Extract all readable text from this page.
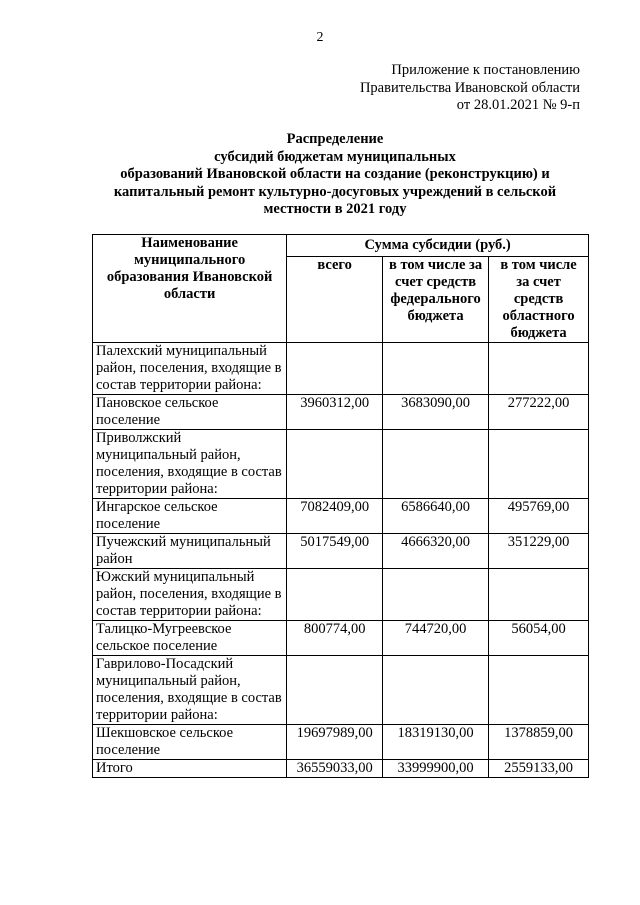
2
Приложение к постановлению
Правительства Ивановской области
от 28.01.2021 № 9-п
Распределение
субсидий бюджетам муниципальных
образований Ивановской области на создание (реконструкцию) и
капитальный ремонт культурно-досуговых учреждений в сельской
местности в 2021 году
Наименование муниципального образования Ивановской области	Сумма субсидии (руб.)		
	всего	в том числе за счет средств федерального бюджета	в том числе за счет средств областного бюджета
Палехский муниципальный район, поселения, входящие в состав территории района:			
Пановское сельское поселение	3960312,00	3683090,00	277222,00
Приволжский муниципальный район, поселения, входящие в состав территории района:			
Ингарское сельское поселение	7082409,00	6586640,00	495769,00
Пучежский муниципальный район	5017549,00	4666320,00	351229,00
Южский муниципальный район, поселения, входящие в состав территории района:			
Талицко-Мугреевское сельское поселение	800774,00	744720,00	56054,00
Гаврилово-Посадский муниципальный район, поселения, входящие в состав территории района:			
Шекшовское сельское поселение	19697989,00	18319130,00	1378859,00
Итого	36559033,00	33999900,00	2559133,00
